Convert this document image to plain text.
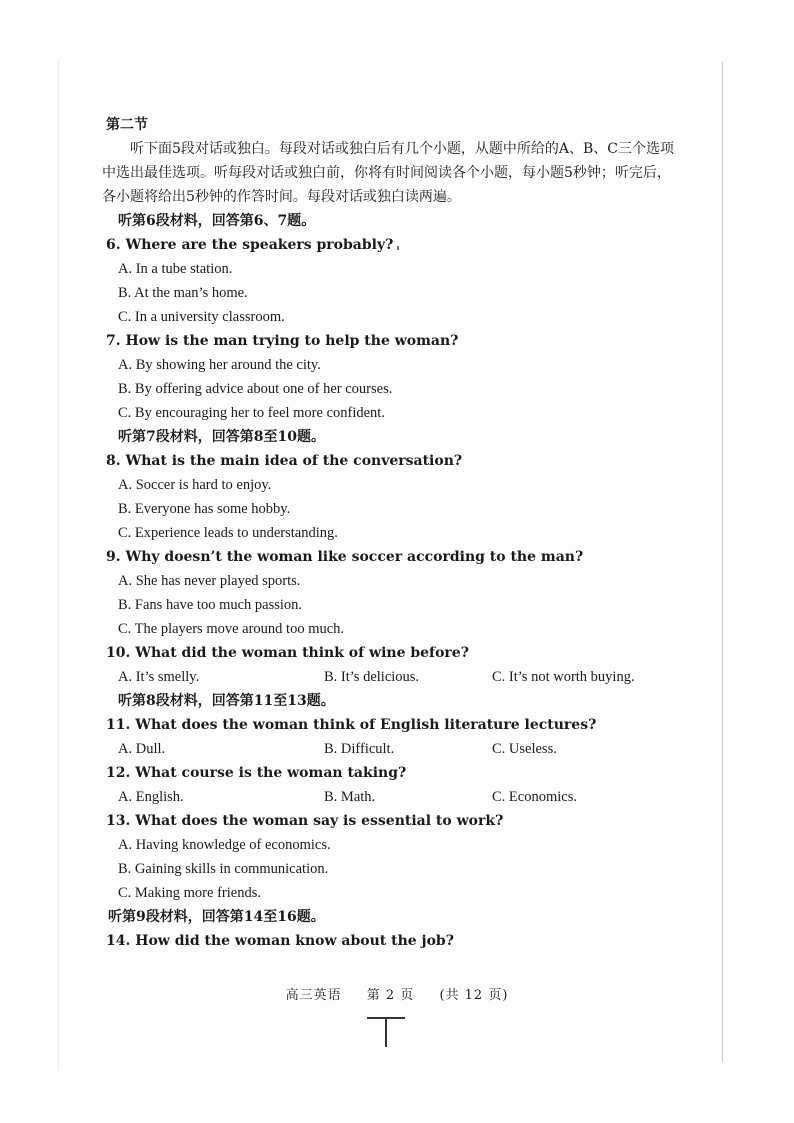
第二节
听下面5段对话或独白。每段对话或独白后有几个小题，从题中所给的A、B、C三个选项中选出最佳选项。听每段对话或独白前，你将有时间阅读各个小题，每小题5秒钟；听完后，各小题将给出5秒钟的作答时间。每段对话或独白读两遍。
听第6段材料，回答第6、7题。
6. Where are the speakers probably?
A. In a tube station.
B. At the man’s home.
C. In a university classroom.
7. How is the man trying to help the woman?
A. By showing her around the city.
B. By offering advice about one of her courses.
C. By encouraging her to feel more confident.
听第7段材料，回答第8至10题。
8. What is the main idea of the conversation?
A. Soccer is hard to enjoy.
B. Everyone has some hobby.
C. Experience leads to understanding.
9. Why doesn’t the woman like soccer according to the man?
A. She has never played sports.
B. Fans have too much passion.
C. The players move around too much.
10. What did the woman think of wine before?
A. It’s smelly.	B. It’s delicious.	C. It’s not worth buying.
听第8段材料，回答第11至13题。
11. What does the woman think of English literature lectures?
A. Dull.	B. Difficult.	C. Useless.
12. What course is the woman taking?
A. English.	B. Math.	C. Economics.
13. What does the woman say is essential to work?
A. Having knowledge of economics.
B. Gaining skills in communication.
C. Making more friends.
听第9段材料，回答第14至16题。
14. How did the woman know about the job?
高三英语 第 2 页 (共 12 页)
